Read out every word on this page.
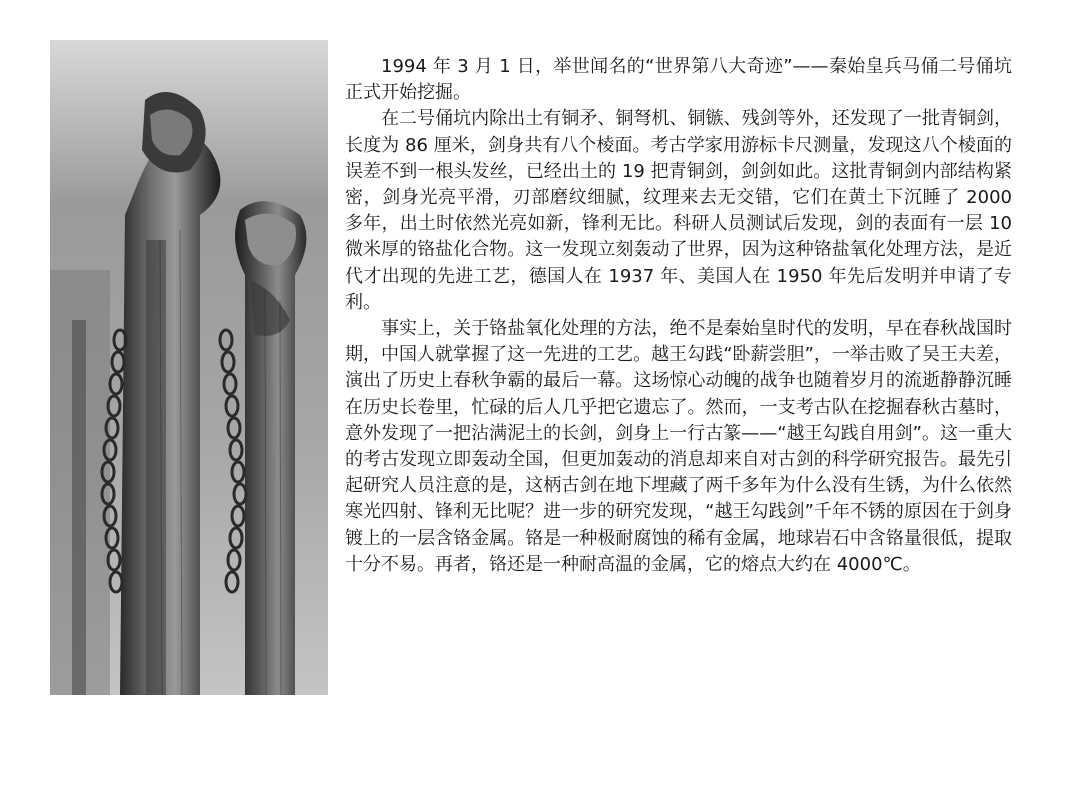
1994 年 3 月 1 日，举世闻名的“世界第八大奇迹”——秦始皇兵马俑二号俑坑正式开始挖掘。

在二号俑坑内除出土有铜矛、铜弩机、铜镞、残剑等外，还发现了一批青铜剑，长度为 86 厘米，剑身共有八个棱面。考古学家用游标卡尺测量，发现这八个棱面的误差不到一根头发丝，已经出土的 19 把青铜剑，剑剑如此。这批青铜剑内部结构紧密，剑身光亮平滑，刃部磨纹细腻，纹理来去无交错，它们在黄土下沉睡了 2000 多年，出土时依然光亮如新，锋利无比。科研人员测试后发现，剑的表面有一层 10 微米厚的铬盐化合物。这一发现立刻轰动了世界，因为这种铬盐氧化处理方法，是近代才出现的先进工艺，德国人在 1937 年、美国人在 1950 年先后发明并申请了专利。

事实上，关于铬盐氧化处理的方法，绝不是秦始皇时代的发明，早在春秋战国时期，中国人就掌握了这一先进的工艺。越王勾践“卧薪尝胆”，一举击败了吴王夫差，演出了历史上春秋争霸的最后一幕。这场惊心动魄的战争也随着岁月的流逝静静沉睡在历史长卷里，忙碌的后人几乎把它遗忘了。然而，一支考古队在挖掘春秋古墓时，意外发现了一把沾满泥土的长剑，剑身上一行古篆——“越王勾践自用剑”。这一重大的考古发现立即轰动全国，但更加轰动的消息却来自对古剑的科学研究报告。最先引起研究人员注意的是，这柄古剑在地下埋藏了两千多年为什么没有生锈，为什么依然寒光四射、锋利无比呢？进一步的研究发现，“越王勾践剑”千年不锈的原因在于剑身镀上的一层含铬金属。铬是一种极耐腐蚀的稀有金属，地球岩石中含铬量很低，提取十分不易。再者，铬还是一种耐高温的金属，它的熔点大约在 4000℃。
